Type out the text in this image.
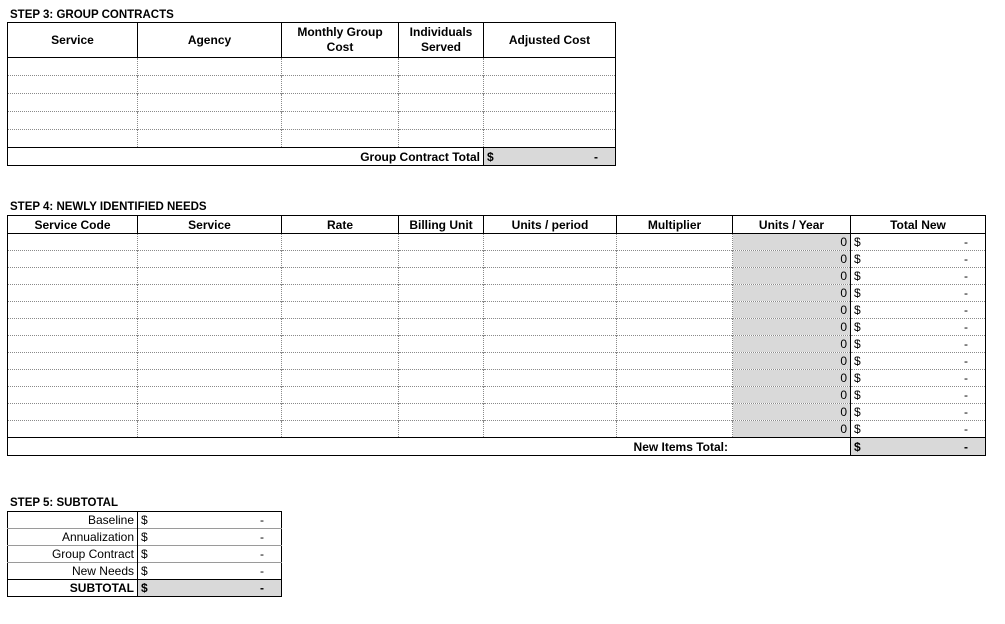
STEP 3: GROUP CONTRACTS
Service	Agency	Monthly Group Cost	Individuals Served	Adjusted Cost

Group Contract Total				$ -
STEP 4: NEWLY IDENTIFIED NEEDS
Service Code	Service	Rate	Billing Unit	Units / period	Multiplier	Units / Year	Total New
						0	$ -

						0	$ -

						0	$ -

						0	$ -

						0	$ -

						0	$ -

						0	$ -

						0	$ -

						0	$ -

						0	$ -

						0	$ -

						0	$ -

New Items Total:							$ -
STEP 5: SUBTOTAL
Baseline	$ -

Annualization	$ -

Group Contract	$ -

New Needs	$ -

SUBTOTAL	$ -
